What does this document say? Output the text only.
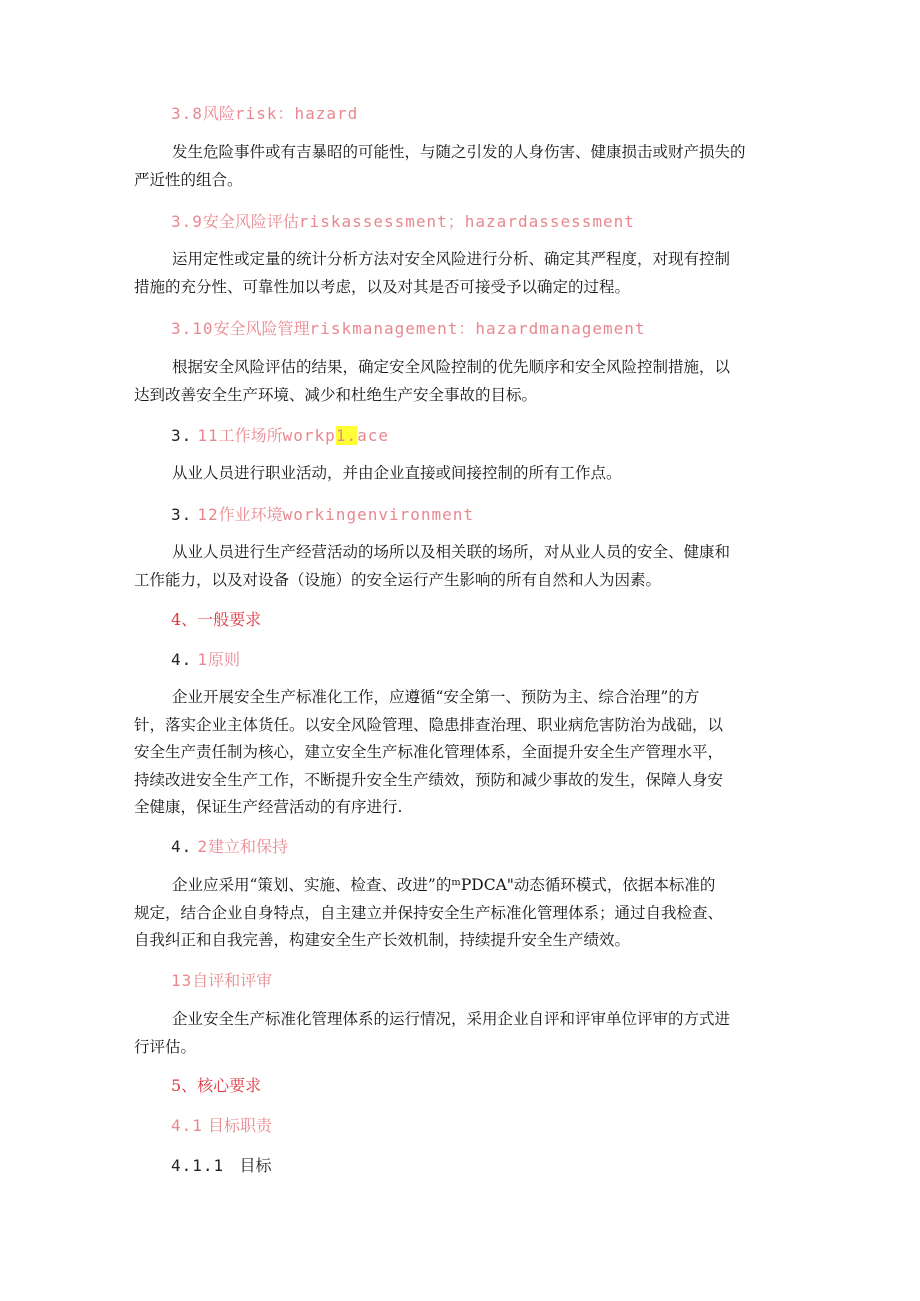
3.8风险risk：hazard
发生危险事件或有吉暴昭的可能性，与随之引发的人身伤害、健康损击或财产损失的
严近性的组合。
3.9安全风险评估riskassessment；hazardassessment
运用定性或定量的统计分析方法对安全风险进行分析、确定其严程度，对现有控制
措施的充分性、可靠性加以考虑，以及对其是否可接受予以确定的过程。
3.10安全风险管理riskmanagement：hazardmanagement
根据安全风险评估的结果，确定安全风险控制的优先顺序和安全风险控制措施，以
达到改善安全生产环境、减少和杜绝生产安全事故的目标。
3. 11工作场所workp1.ace
从业人员进行职业活动，并由企业直接或间接控制的所有工作点。
3. 12作业环境workingenvironment
从业人员进行生产经营活动的场所以及相关联的场所，对从业人员的安全、健康和
工作能力，以及对设备（设施）的安全运行产生影响的所有自然和人为因素。
4、一般要求
4. 1原则
企业开展安全生产标准化工作，应遵循“安全第一、预防为主、综合治理”的方
针，落实企业主体货任。以安全风险管理、隐患排查治理、职业病危害防治为战础，以
安全生产责任制为核心，建立安全生产标准化管理体系，全面提升安全生产管理水平，
持续改进安全生产工作，不断提升安全生产绩效，预防和减少事故的发生，保障人身安
全健康，保证生产经营活动的有序进行.
4. 2建立和保持
企业应采用“策划、实施、检查、改进”的ᵐPDCA"动态循环模式，依据本标准的
规定，结合企业自身特点，自主建立并保持安全生产标准化管理体系；通过自我检查、
自我纠正和自我完善，构建安全生产长效机制，持续提升安全生产绩效。
13自评和评审
企业安全生产标准化管理体系的运行情况，采用企业自评和评审单位评审的方式进
行评估。
5、核心要求
4.1 目标职责
4.1.1 目标
